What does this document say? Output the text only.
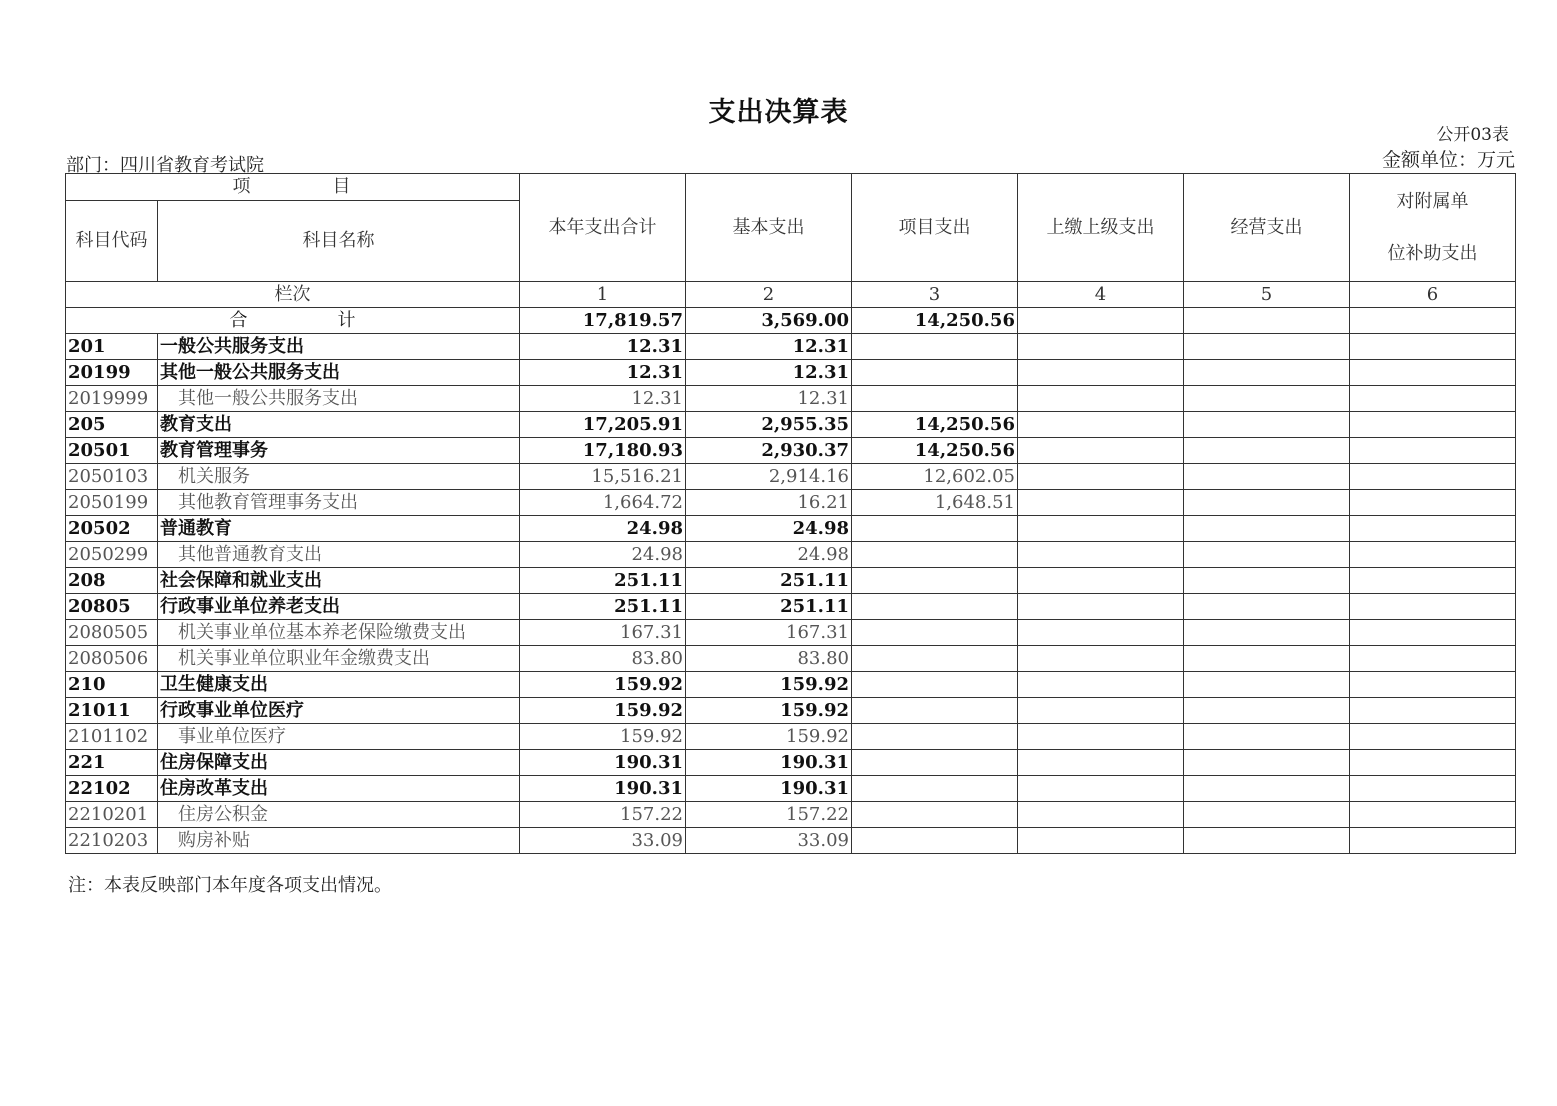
支出决算表
公开03表
部门：四川省教育考试院	金额单位：万元
项　　　　目		本年支出合计	基本支出	项目支出	上缴上级支出	经营支出	对附属单
位补助支出

科目代码	科目名称						
栏次		1	2	3	4	5	6
合计		17,819.57	3,569.00	14,250.56			
201	一般公共服务支出	12.31	12.31				
20199	其他一般公共服务支出	12.31	12.31				
2019999	其他一般公共服务支出	12.31	12.31				
205	教育支出	17,205.91	2,955.35	14,250.56			
20501	教育管理事务	17,180.93	2,930.37	14,250.56			
2050103	机关服务	15,516.21	2,914.16	12,602.05			
2050199	其他教育管理事务支出	1,664.72	16.21	1,648.51			
20502	普通教育	24.98	24.98				
2050299	其他普通教育支出	24.98	24.98				
208	社会保障和就业支出	251.11	251.11				
20805	行政事业单位养老支出	251.11	251.11				
2080505	机关事业单位基本养老保险缴费支出	167.31	167.31				
2080506	机关事业单位职业年金缴费支出	83.80	83.80				
210	卫生健康支出	159.92	159.92				
21011	行政事业单位医疗	159.92	159.92				
2101102	事业单位医疗	159.92	159.92				
221	住房保障支出	190.31	190.31				
22102	住房改革支出	190.31	190.31				
2210201	住房公积金	157.22	157.22				
2210203	购房补贴	33.09	33.09				
注：本表反映部门本年度各项支出情况。
